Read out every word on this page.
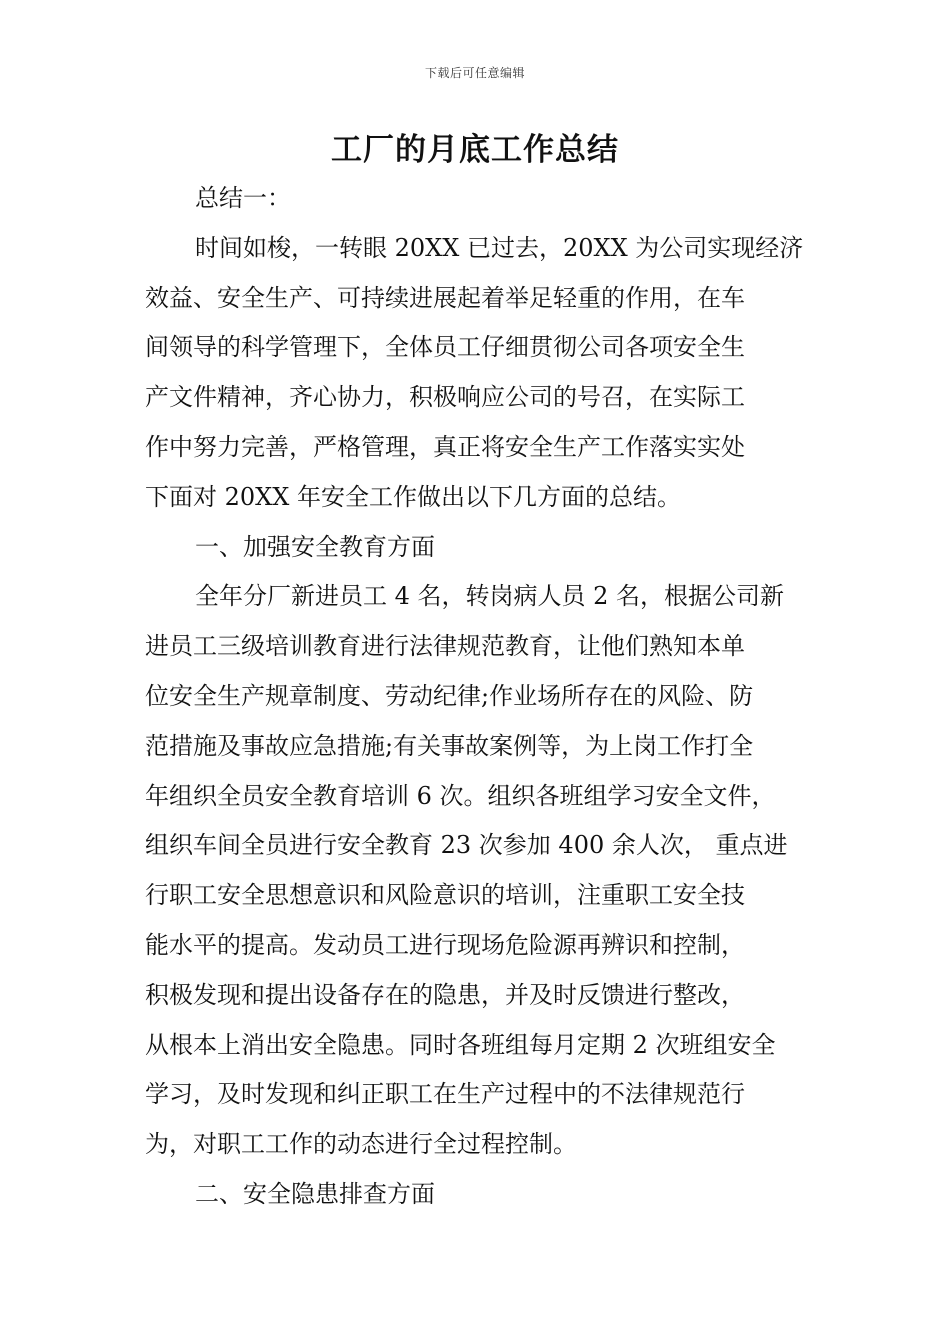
下载后可任意编辑
工厂的月底工作总结

总结一：

时间如梭，一转眼 20XX 已过去，20XX 为公司实现经济

效益、安全生产、可持续进展起着举足轻重的作用，在车

间领导的科学管理下，全体员工仔细贯彻公司各项安全生

产文件精神，齐心协力，积极响应公司的号召，在实际工

作中努力完善，严格管理，真正将安全生产工作落实实处

下面对 20XX 年安全工作做出以下几方面的总结。

一、加强安全教育方面

全年分厂新进员工 4 名，转岗病人员 2 名，根据公司新

进员工三级培训教育进行法律规范教育，让他们熟知本单

位安全生产规章制度、劳动纪律;作业场所存在的风险、防

范措施及事故应急措施;有关事故案例等，为上岗工作打全

年组织全员安全教育培训 6 次。组织各班组学习安全文件，

组织车间全员进行安全教育 23 次参加 400 余人次， 重点进

行职工安全思想意识和风险意识的培训，注重职工安全技

能水平的提高。发动员工进行现场危险源再辨识和控制，

积极发现和提出设备存在的隐患，并及时反馈进行整改，

从根本上消出安全隐患。同时各班组每月定期 2 次班组安全

学习，及时发现和纠正职工在生产过程中的不法律规范行

为，对职工工作的动态进行全过程控制。

二、安全隐患排查方面
